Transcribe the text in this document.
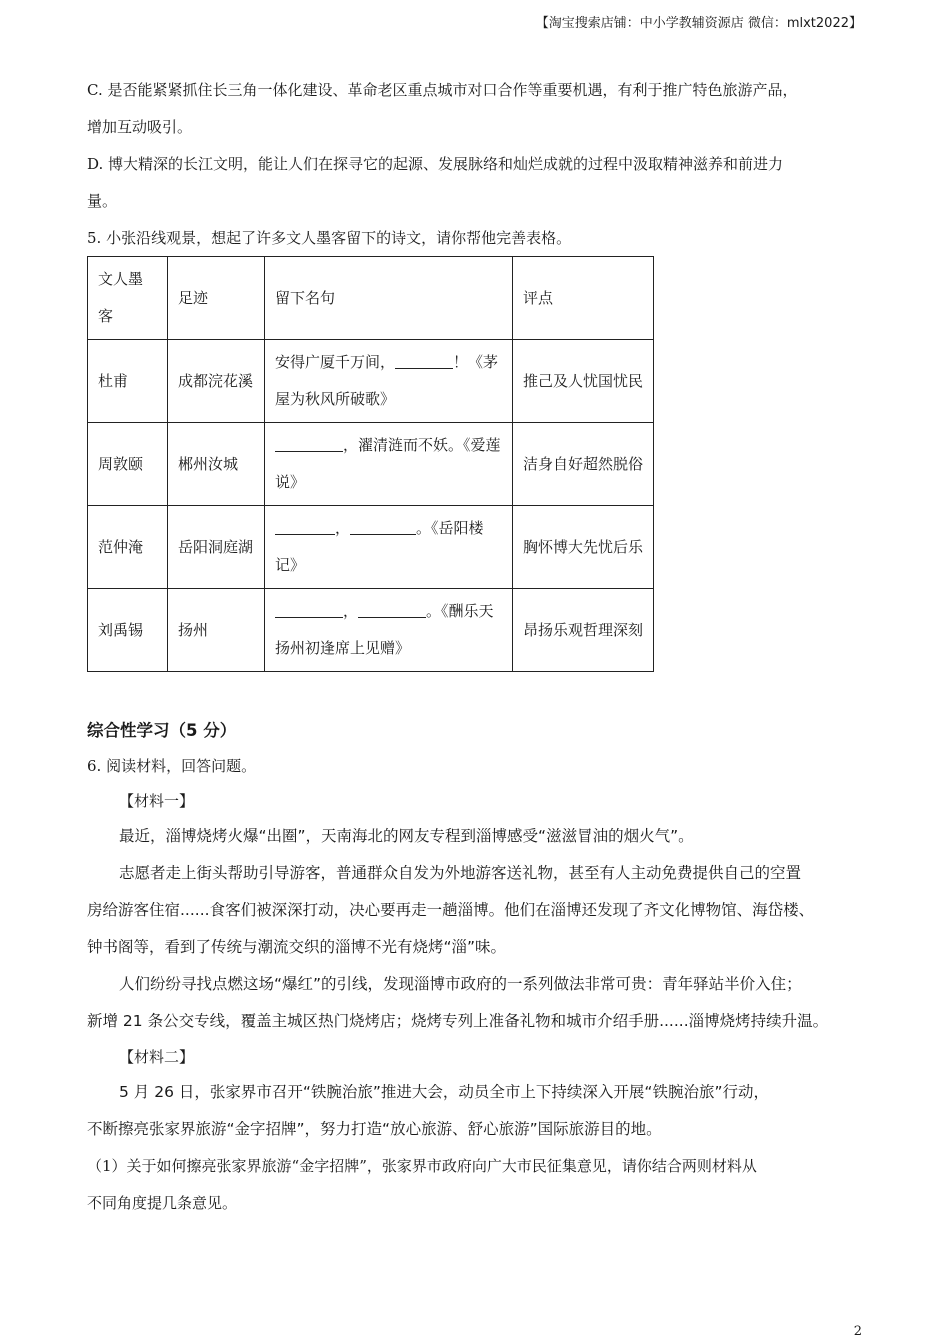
【淘宝搜索店铺：中小学教辅资源店 微信：mlxt2022】
C. 是否能紧紧抓住长三角一体化建设、革命老区重点城市对口合作等重要机遇，有利于推广特色旅游产品，
增加互动吸引。
D. 博大精深的长江文明，能让人们在探寻它的起源、发展脉络和灿烂成就的过程中汲取精神滋养和前进力
量。
5. 小张沿线观景，想起了许多文人墨客留下的诗文，请你帮他完善表格。
文人墨客	足迹	留下名句	评点
杜甫	成都浣花溪	安得广厦千万间， ！《茅屋为秋风所破歌》	推己及人忧国忧民
周敦颐	郴州汝城	，濯清涟而不妖。《爱莲说》	洁身自好超然脱俗
范仲淹	岳阳洞庭湖	， 。《岳阳楼记》	胸怀博大先忧后乐
刘禹锡	扬州	， 。《酬乐天扬州初逢席上见赠》	昂扬乐观哲理深刻
综合性学习（5 分）
6. 阅读材料，回答问题。
【材料一】
最近，淄博烧烤火爆“出圈”，天南海北的网友专程到淄博感受“滋滋冒油的烟火气”。
志愿者走上街头帮助引导游客，普通群众自发为外地游客送礼物，甚至有人主动免费提供自己的空置
房给游客住宿......食客们被深深打动，决心要再走一趟淄博。他们在淄博还发现了齐文化博物馆、海岱楼、
钟书阁等，看到了传统与潮流交织的淄博不光有烧烤“淄”味。
人们纷纷寻找点燃这场“爆红”的引线，发现淄博市政府的一系列做法非常可贵：青年驿站半价入住；
新增 21 条公交专线，覆盖主城区热门烧烤店；烧烤专列上准备礼物和城市介绍手册......淄博烧烤持续升温。
【材料二】
5 月 26 日，张家界市召开“铁腕治旅”推进大会，动员全市上下持续深入开展“铁腕治旅”行动，
不断擦亮张家界旅游“金字招牌”，努力打造“放心旅游、舒心旅游”国际旅游目的地。
（1）关于如何擦亮张家界旅游“金字招牌”，张家界市政府向广大市民征集意见，请你结合两则材料从
不同角度提几条意见。
2
